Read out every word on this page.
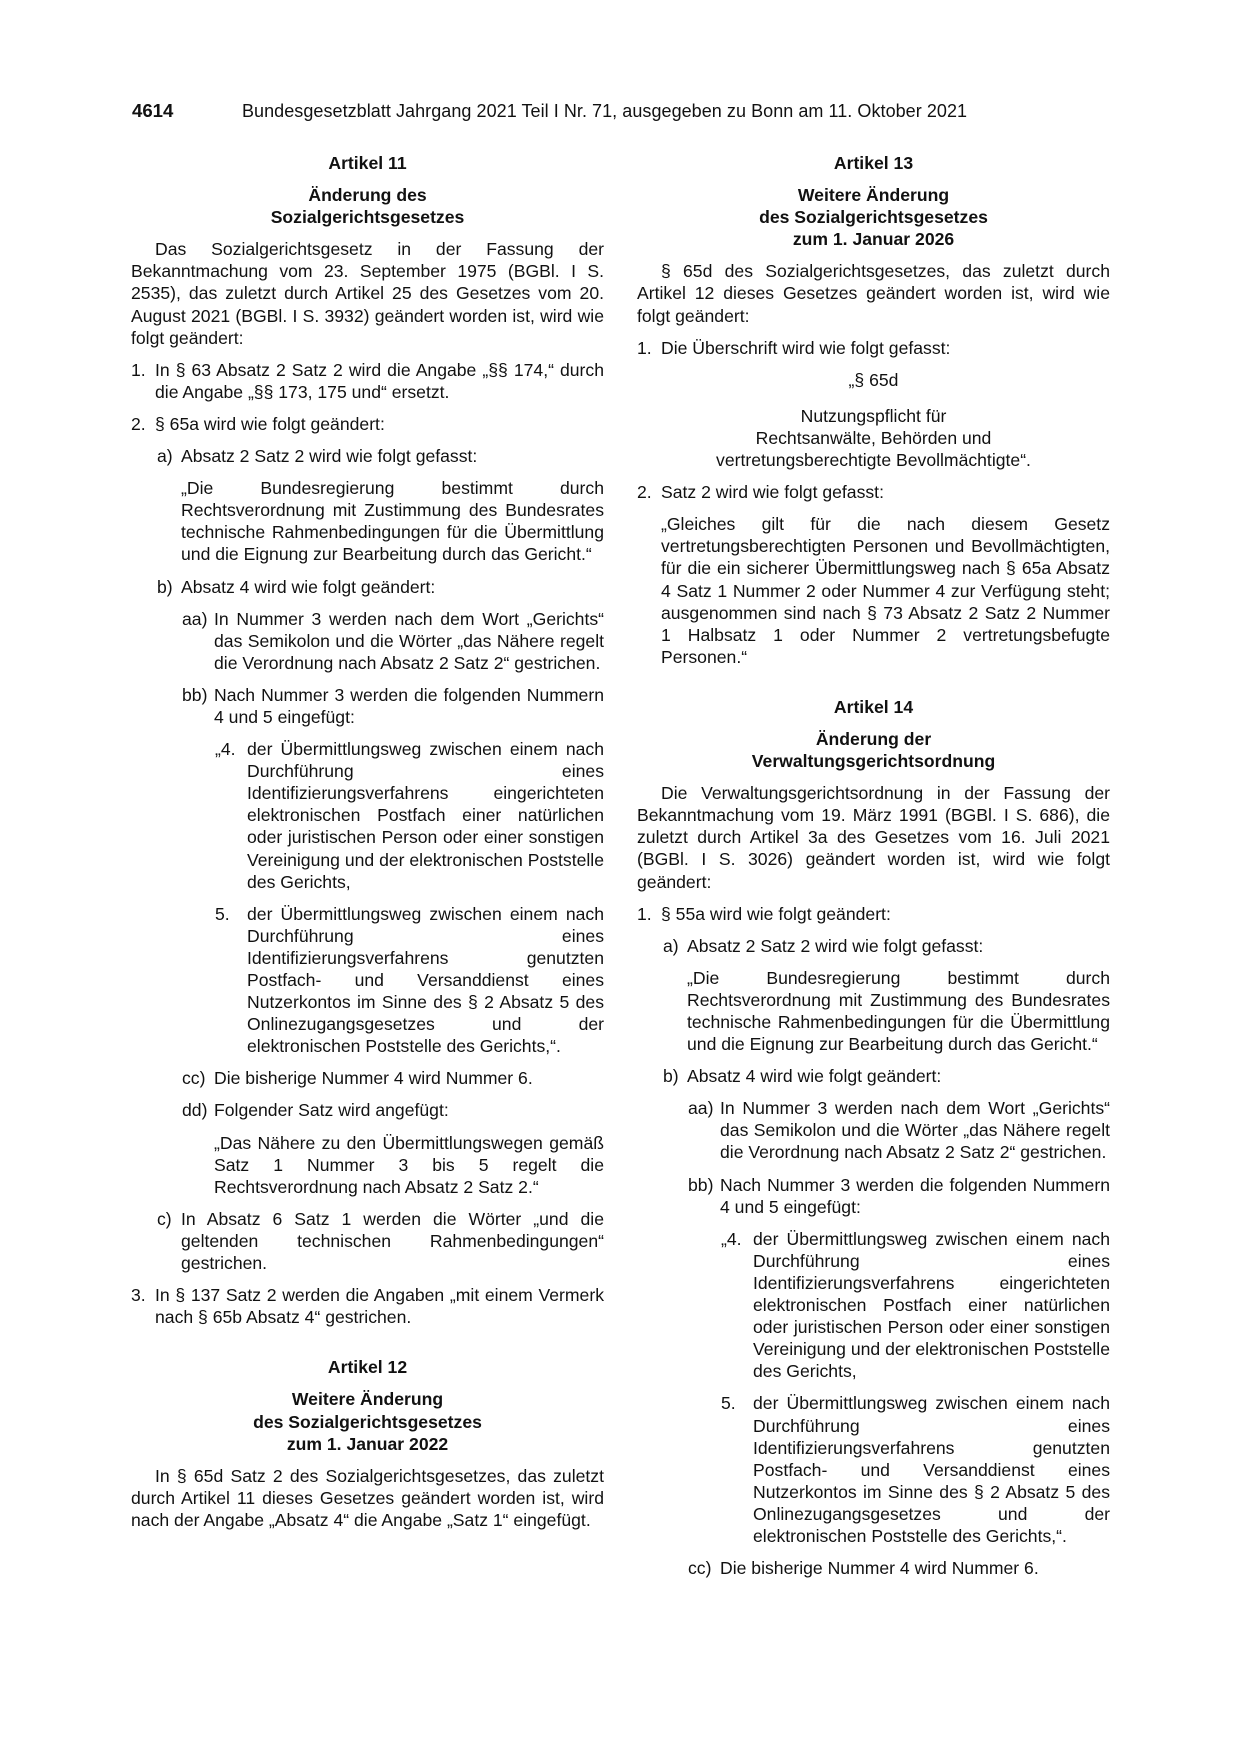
4614	Bundesgesetzblatt Jahrgang 2021 Teil I Nr. 71, ausgegeben zu Bonn am 11. Oktober 2021

Artikel 11

Änderung des
Sozialgerichtsgesetzes

Das Sozialgerichtsgesetz in der Fassung der Bekanntmachung vom 23. September 1975 (BGBl. I S. 2535), das zuletzt durch Artikel 25 des Gesetzes vom 20. August 2021 (BGBl. I S. 3932) geändert worden ist, wird wie folgt geändert:

1. In § 63 Absatz 2 Satz 2 wird die Angabe „§§ 174,“ durch die Angabe „§§ 173, 175 und“ ersetzt.
2. § 65a wird wie folgt geändert:
a) Absatz 2 Satz 2 wird wie folgt gefasst:

„Die Bundesregierung bestimmt durch Rechtsverordnung mit Zustimmung des Bundesrates technische Rahmenbedingungen für die Übermittlung und die Eignung zur Bearbeitung durch das Gericht.“

b) Absatz 4 wird wie folgt geändert:
aa) In Nummer 3 werden nach dem Wort „Gerichts“ das Semikolon und die Wörter „das Nähere regelt die Verordnung nach Absatz 2 Satz 2“ gestrichen.
bb) Nach Nummer 3 werden die folgenden Nummern 4 und 5 eingefügt:
„4. der Übermittlungsweg zwischen einem nach Durchführung eines Identifizierungsverfahrens eingerichteten elektronischen Postfach einer natürlichen oder juristischen Person oder einer sonstigen Vereinigung und der elektronischen Poststelle des Gerichts,
5. der Übermittlungsweg zwischen einem nach Durchführung eines Identifizierungsverfahrens genutzten Postfach- und Versanddienst eines Nutzerkontos im Sinne des § 2 Absatz 5 des Onlinezugangsgesetzes und der elektronischen Poststelle des Gerichts,“.
cc) Die bisherige Nummer 4 wird Nummer 6.
dd) Folgender Satz wird angefügt:

„Das Nähere zu den Übermittlungswegen gemäß Satz 1 Nummer 3 bis 5 regelt die Rechtsverordnung nach Absatz 2 Satz 2.“

c) In Absatz 6 Satz 1 werden die Wörter „und die geltenden technischen Rahmenbedingungen“ gestrichen.
3. In § 137 Satz 2 werden die Angaben „mit einem Vermerk nach § 65b Absatz 4“ gestrichen.

Artikel 12

Weitere Änderung
des Sozialgerichtsgesetzes
zum 1. Januar 2022

In § 65d Satz 2 des Sozialgerichtsgesetzes, das zuletzt durch Artikel 11 dieses Gesetzes geändert worden ist, wird nach der Angabe „Absatz 4“ die Angabe „Satz 1“ eingefügt.

Artikel 13

Weitere Änderung
des Sozialgerichtsgesetzes
zum 1. Januar 2026

§ 65d des Sozialgerichtsgesetzes, das zuletzt durch Artikel 12 dieses Gesetzes geändert worden ist, wird wie folgt geändert:

1. Die Überschrift wird wie folgt gefasst:
„§ 65d
Nutzungspflicht für
Rechtsanwälte, Behörden und
vertretungsberechtigte Bevollmächtigte“.
2. Satz 2 wird wie folgt gefasst:

„Gleiches gilt für die nach diesem Gesetz vertretungsberechtigten Personen und Bevollmächtigten, für die ein sicherer Übermittlungsweg nach § 65a Absatz 4 Satz 1 Nummer 2 oder Nummer 4 zur Verfügung steht; ausgenommen sind nach § 73 Absatz 2 Satz 2 Nummer 1 Halbsatz 1 oder Nummer 2 vertretungsbefugte Personen.“

Artikel 14

Änderung der
Verwaltungsgerichtsordnung

Die Verwaltungsgerichtsordnung in der Fassung der Bekanntmachung vom 19. März 1991 (BGBl. I S. 686), die zuletzt durch Artikel 3a des Gesetzes vom 16. Juli 2021 (BGBl. I S. 3026) geändert worden ist, wird wie folgt geändert:

1. § 55a wird wie folgt geändert:
a) Absatz 2 Satz 2 wird wie folgt gefasst:

„Die Bundesregierung bestimmt durch Rechtsverordnung mit Zustimmung des Bundesrates technische Rahmenbedingungen für die Übermittlung und die Eignung zur Bearbeitung durch das Gericht.“

b) Absatz 4 wird wie folgt geändert:
aa) In Nummer 3 werden nach dem Wort „Gerichts“ das Semikolon und die Wörter „das Nähere regelt die Verordnung nach Absatz 2 Satz 2“ gestrichen.
bb) Nach Nummer 3 werden die folgenden Nummern 4 und 5 eingefügt:
„4. der Übermittlungsweg zwischen einem nach Durchführung eines Identifizierungsverfahrens eingerichteten elektronischen Postfach einer natürlichen oder juristischen Person oder einer sonstigen Vereinigung und der elektronischen Poststelle des Gerichts,
5. der Übermittlungsweg zwischen einem nach Durchführung eines Identifizierungsverfahrens genutzten Postfach- und Versanddienst eines Nutzerkontos im Sinne des § 2 Absatz 5 des Onlinezugangsgesetzes und der elektronischen Poststelle des Gerichts,“.
cc) Die bisherige Nummer 4 wird Nummer 6.
